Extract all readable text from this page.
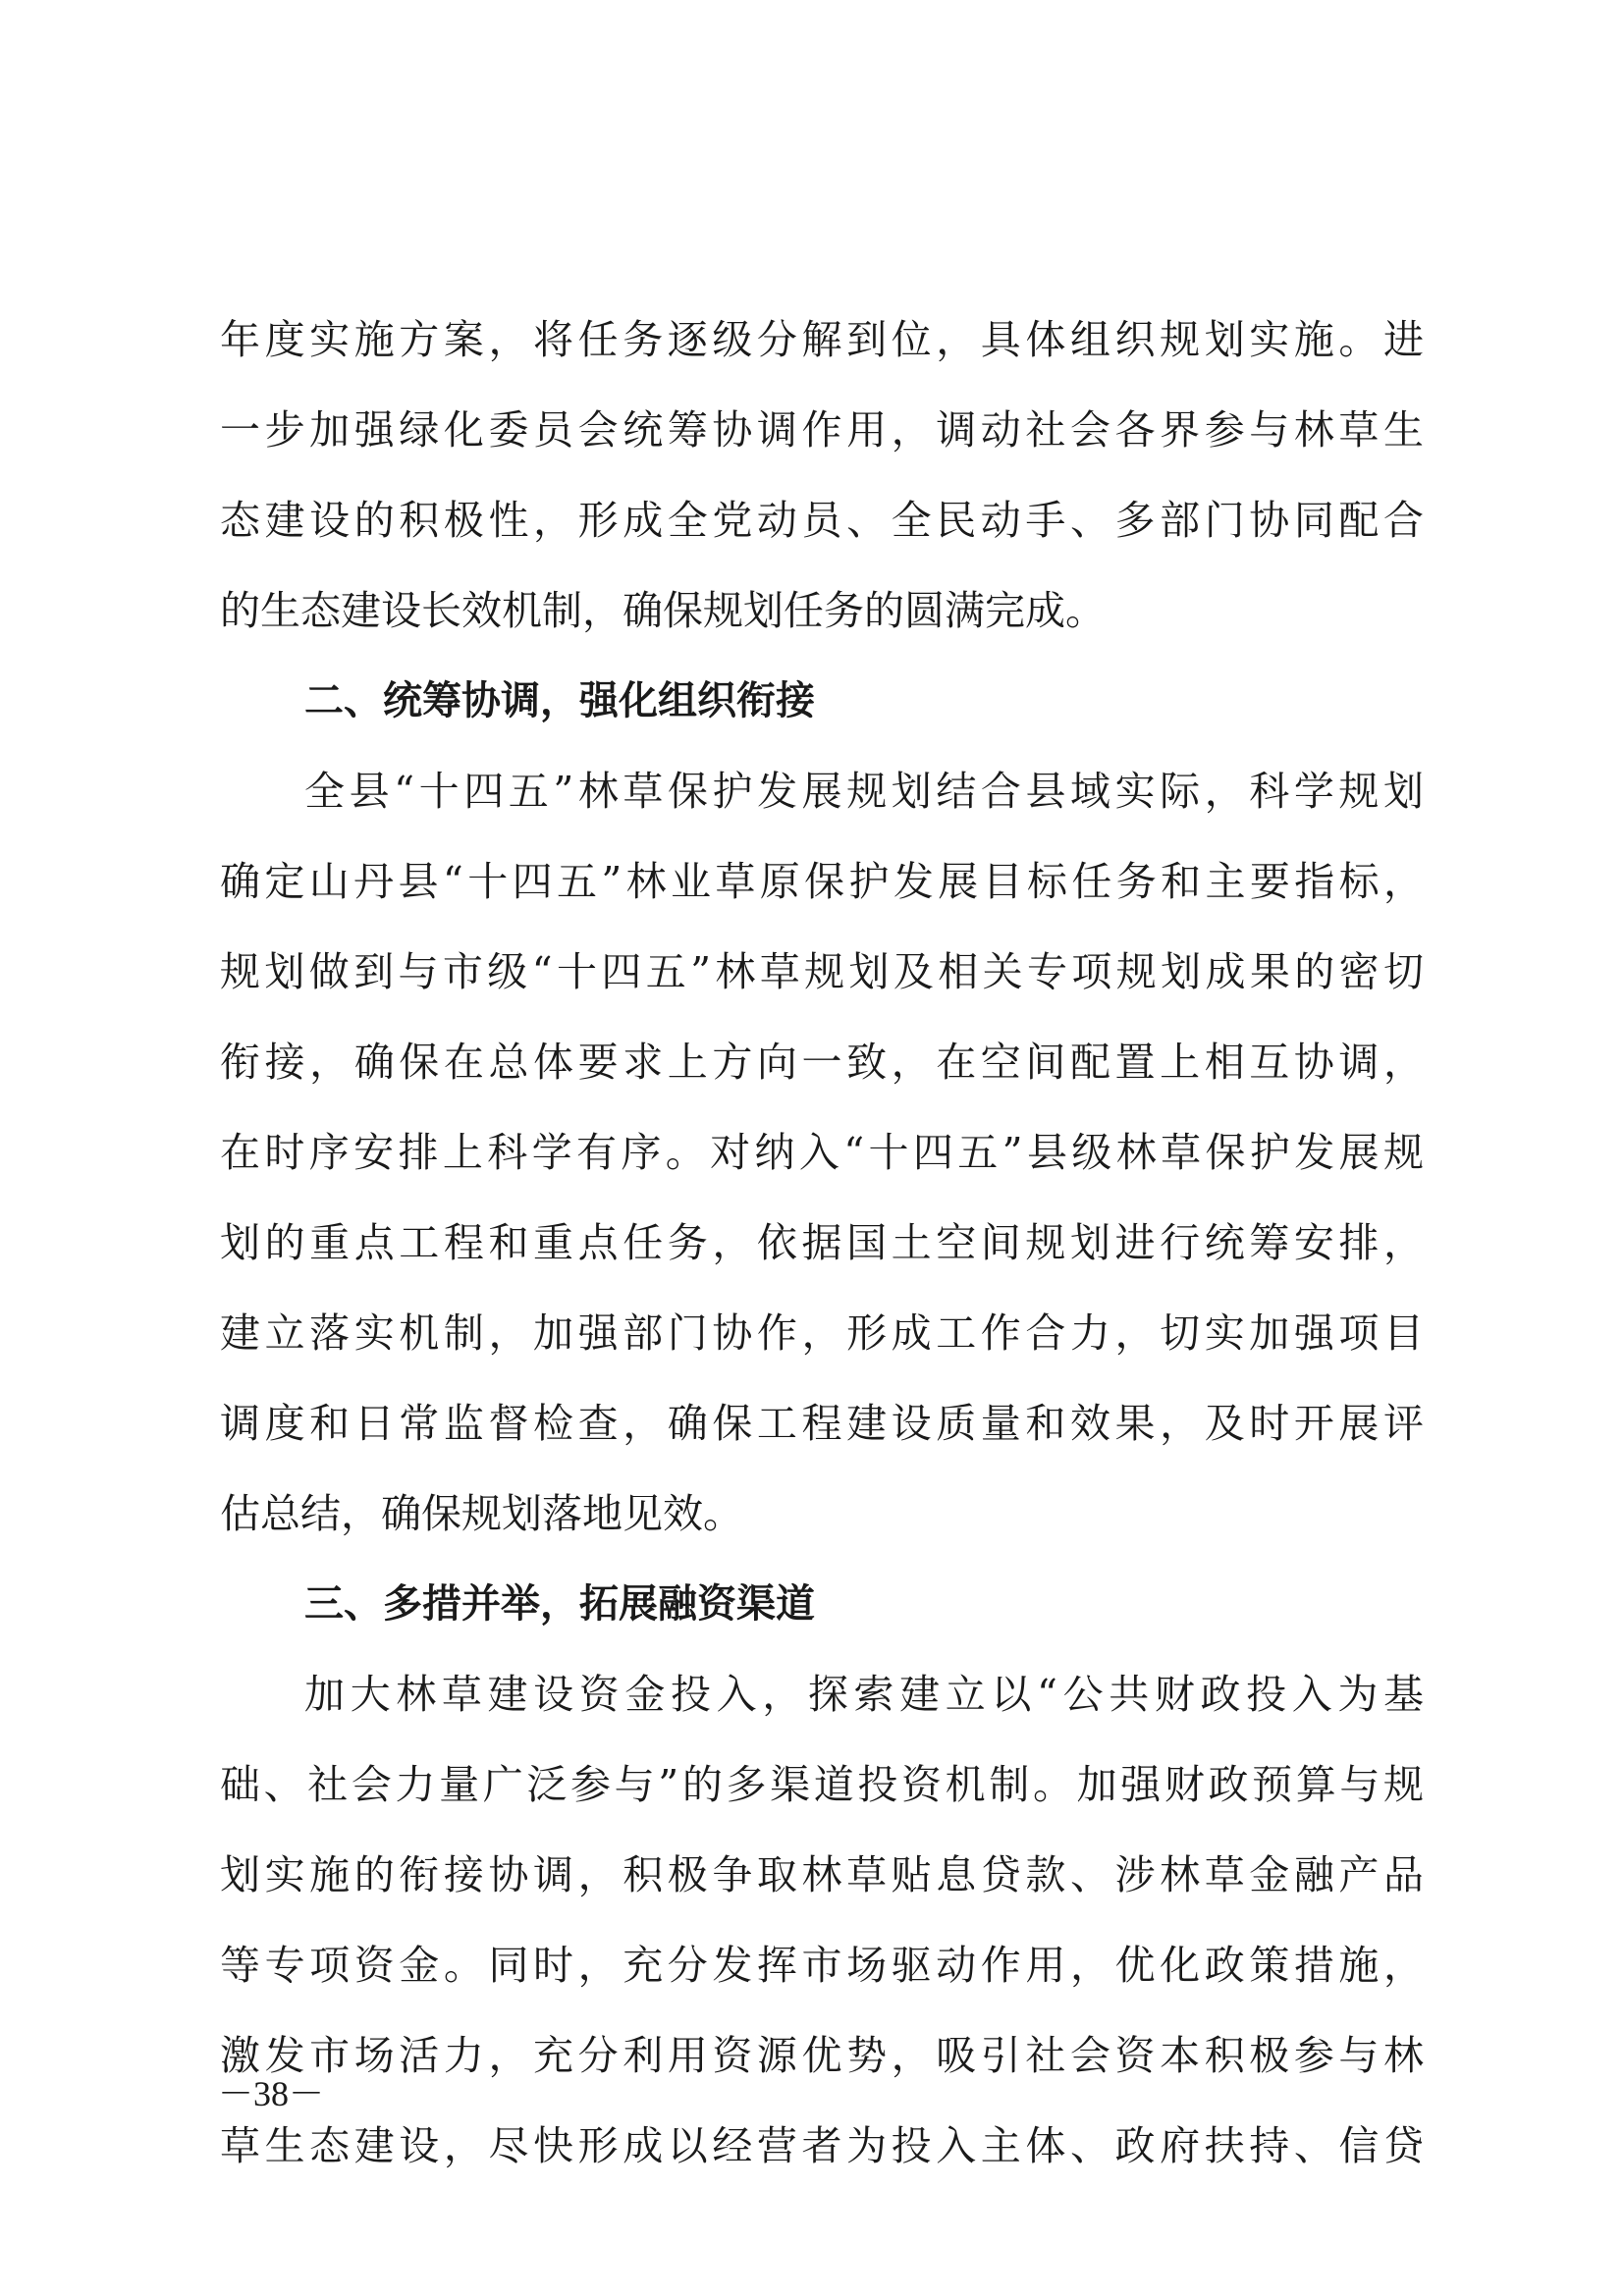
年度实施方案，将任务逐级分解到位，具体组织规划实施。进
一步加强绿化委员会统筹协调作用，调动社会各界参与林草生
态建设的积极性，形成全党动员、全民动手、多部门协同配合
的生态建设长效机制，确保规划任务的圆满完成。
二、统筹协调，强化组织衔接
全县“十四五”林草保护发展规划结合县域实际，科学规划
确定山丹县“十四五”林业草原保护发展目标任务和主要指标，
规划做到与市级“十四五”林草规划及相关专项规划成果的密切
衔接，确保在总体要求上方向一致，在空间配置上相互协调，
在时序安排上科学有序。对纳入“十四五”县级林草保护发展规
划的重点工程和重点任务，依据国土空间规划进行统筹安排，
建立落实机制，加强部门协作，形成工作合力，切实加强项目
调度和日常监督检查，确保工程建设质量和效果，及时开展评
估总结，确保规划落地见效。
三、多措并举，拓展融资渠道
加大林草建设资金投入，探索建立以“公共财政投入为基
础、社会力量广泛参与”的多渠道投资机制。加强财政预算与规
划实施的衔接协调，积极争取林草贴息贷款、涉林草金融产品
等专项资金。同时，充分发挥市场驱动作用，优化政策措施，
激发市场活力，充分利用资源优势，吸引社会资本积极参与林
草生态建设，尽快形成以经营者为投入主体、政府扶持、信贷
－38－
